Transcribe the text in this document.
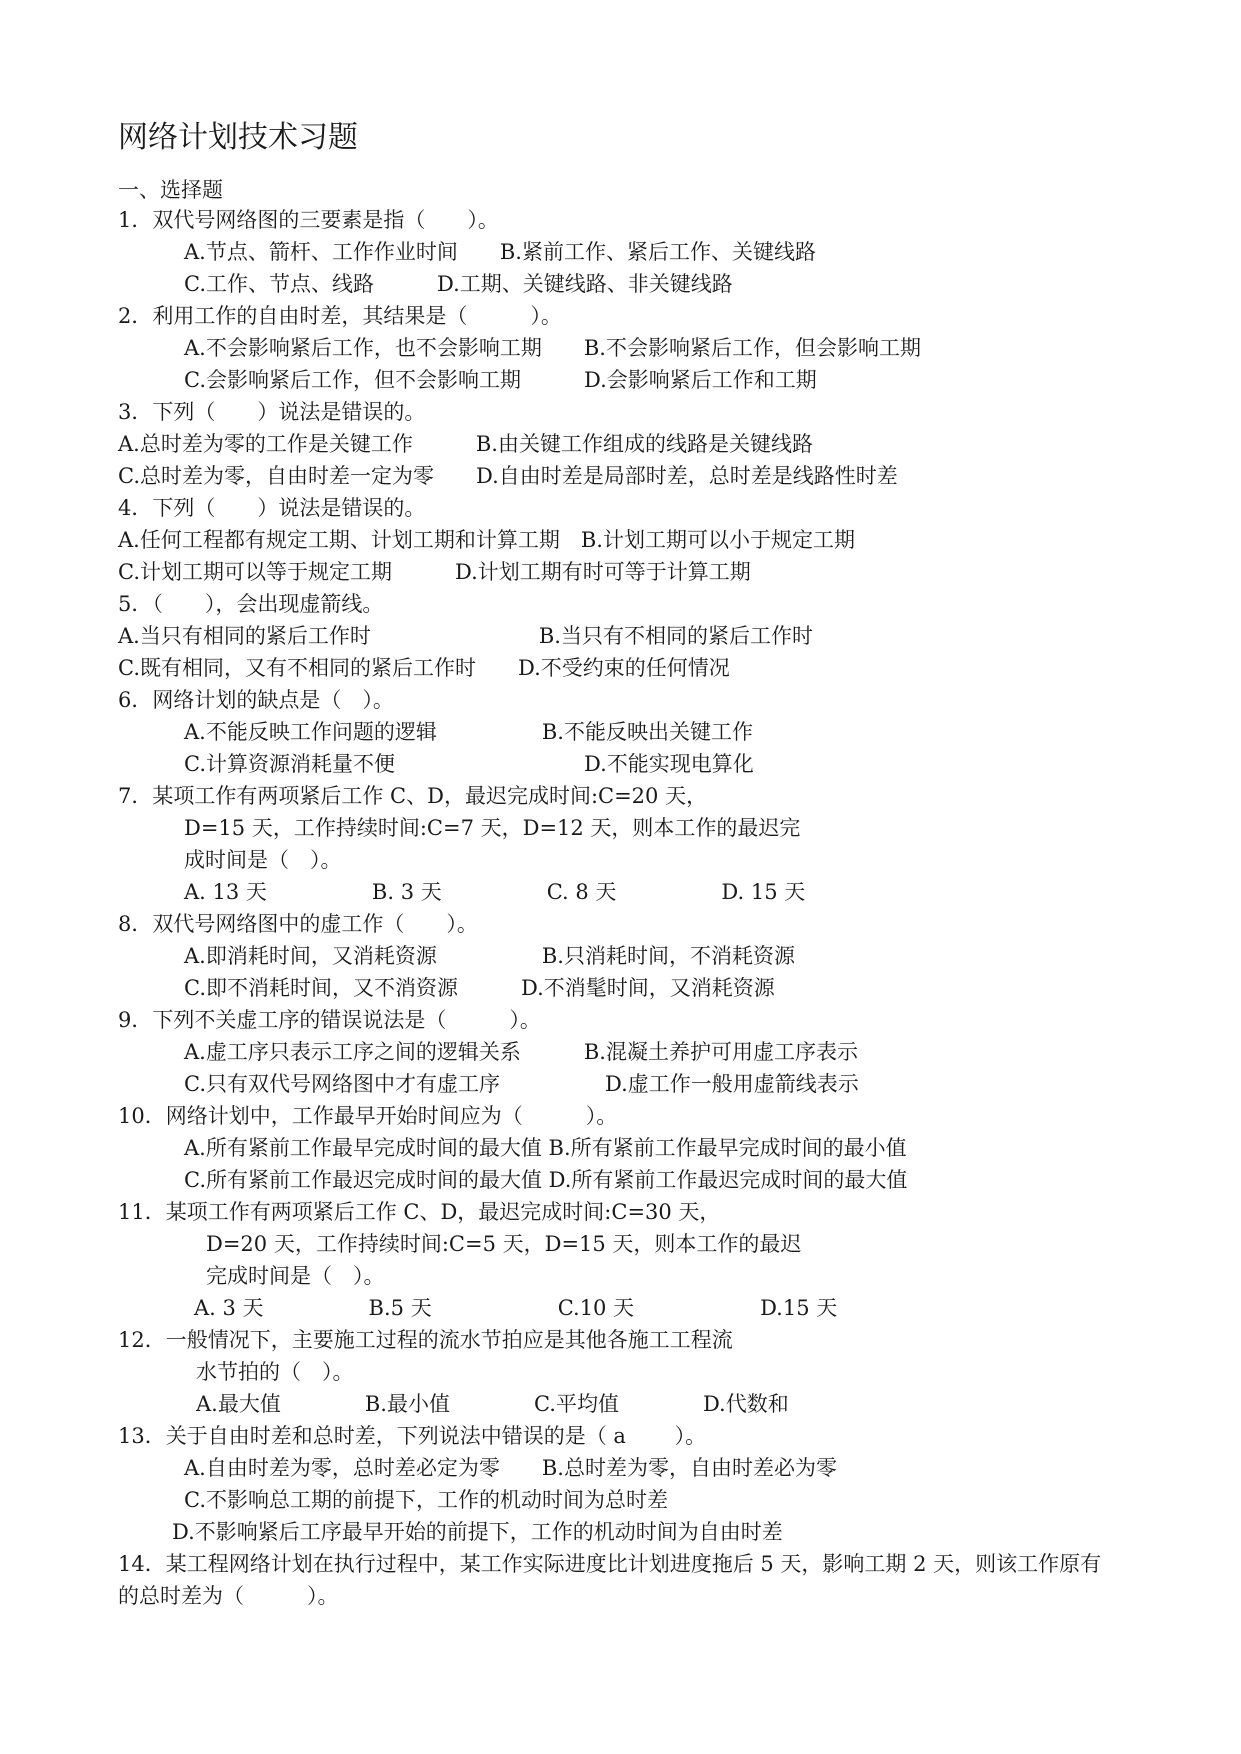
网络计划技术习题
一、选择题
1．双代号网络图的三要素是指（　　）。
A.节点、箭杆、工作作业时间　　B.紧前工作、紧后工作、关键线路
C.工作、节点、线路　　　D.工期、关键线路、非关键线路
2．利用工作的自由时差，其结果是（　　　）。
A.不会影响紧后工作，也不会影响工期　　B.不会影响紧后工作，但会影响工期
C.会影响紧后工作，但不会影响工期　　　D.会影响紧后工作和工期
3．下列（　　）说法是错误的。
A.总时差为零的工作是关键工作　　　B.由关键工作组成的线路是关键线路
C.总时差为零，自由时差一定为零　　D.自由时差是局部时差，总时差是线路性时差
4．下列（　　）说法是错误的。
A.任何工程都有规定工期、计划工期和计算工期　B.计划工期可以小于规定工期
C.计划工期可以等于规定工期　　　D.计划工期有时可等于计算工期
5．（　　），会出现虚箭线。
A.当只有相同的紧后工作时　　　　　　　　B.当只有不相同的紧后工作时
C.既有相同，又有不相同的紧后工作时　　D.不受约束的任何情况
6．网络计划的缺点是（　）。
A.不能反映工作问题的逻辑　　　　　B.不能反映出关键工作
C.计算资源消耗量不便　　　　　　　　　D.不能实现电算化
7．某项工作有两项紧后工作 C、D，最迟完成时间:C=20 天，
D=15 天，工作持续时间:C=7 天，D=12 天，则本工作的最迟完
成时间是（　）。
A. 13 天　　　　　B. 3 天　　　　　C. 8 天　　　　　D. 15 天
8．双代号网络图中的虚工作（　　）。
A.即消耗时间，又消耗资源　　　　　B.只消耗时间，不消耗资源
C.即不消耗时间，又不消资源　　　D.不消髦时间，又消耗资源
9．下列不关虚工序的错误说法是（　　　）。
A.虚工序只表示工序之间的逻辑关系　　　B.混凝土养护可用虚工序表示
C.只有双代号网络图中才有虚工序　　　　　D.虚工作一般用虚箭线表示
10．网络计划中，工作最早开始时间应为（　　　）。
A.所有紧前工作最早完成时间的最大值 B.所有紧前工作最早完成时间的最小值
C.所有紧前工作最迟完成时间的最大值 D.所有紧前工作最迟完成时间的最大值
11．某项工作有两项紧后工作 C、D，最迟完成时间:C=30 天，
D=20 天，工作持续时间:C=5 天，D=15 天，则本工作的最迟
完成时间是（　）。
A. 3 天　　　　　B.5 天　　　　　　C.10 天　　　　　　D.15 天
12．一般情况下，主要施工过程的流水节拍应是其他各施工工程流
水节拍的（　）。
A.最大值　　　　B.最小值　　　　C.平均值　　　　D.代数和
13．关于自由时差和总时差，下列说法中错误的是（ a　　 ）。
A.自由时差为零，总时差必定为零　　B.总时差为零，自由时差必为零
C.不影响总工期的前提下，工作的机动时间为总时差
D.不影响紧后工序最早开始的前提下，工作的机动时间为自由时差
14．某工程网络计划在执行过程中，某工作实际进度比计划进度拖后 5 天，影响工期 2 天，则该工作原有
的总时差为（　　　）。
